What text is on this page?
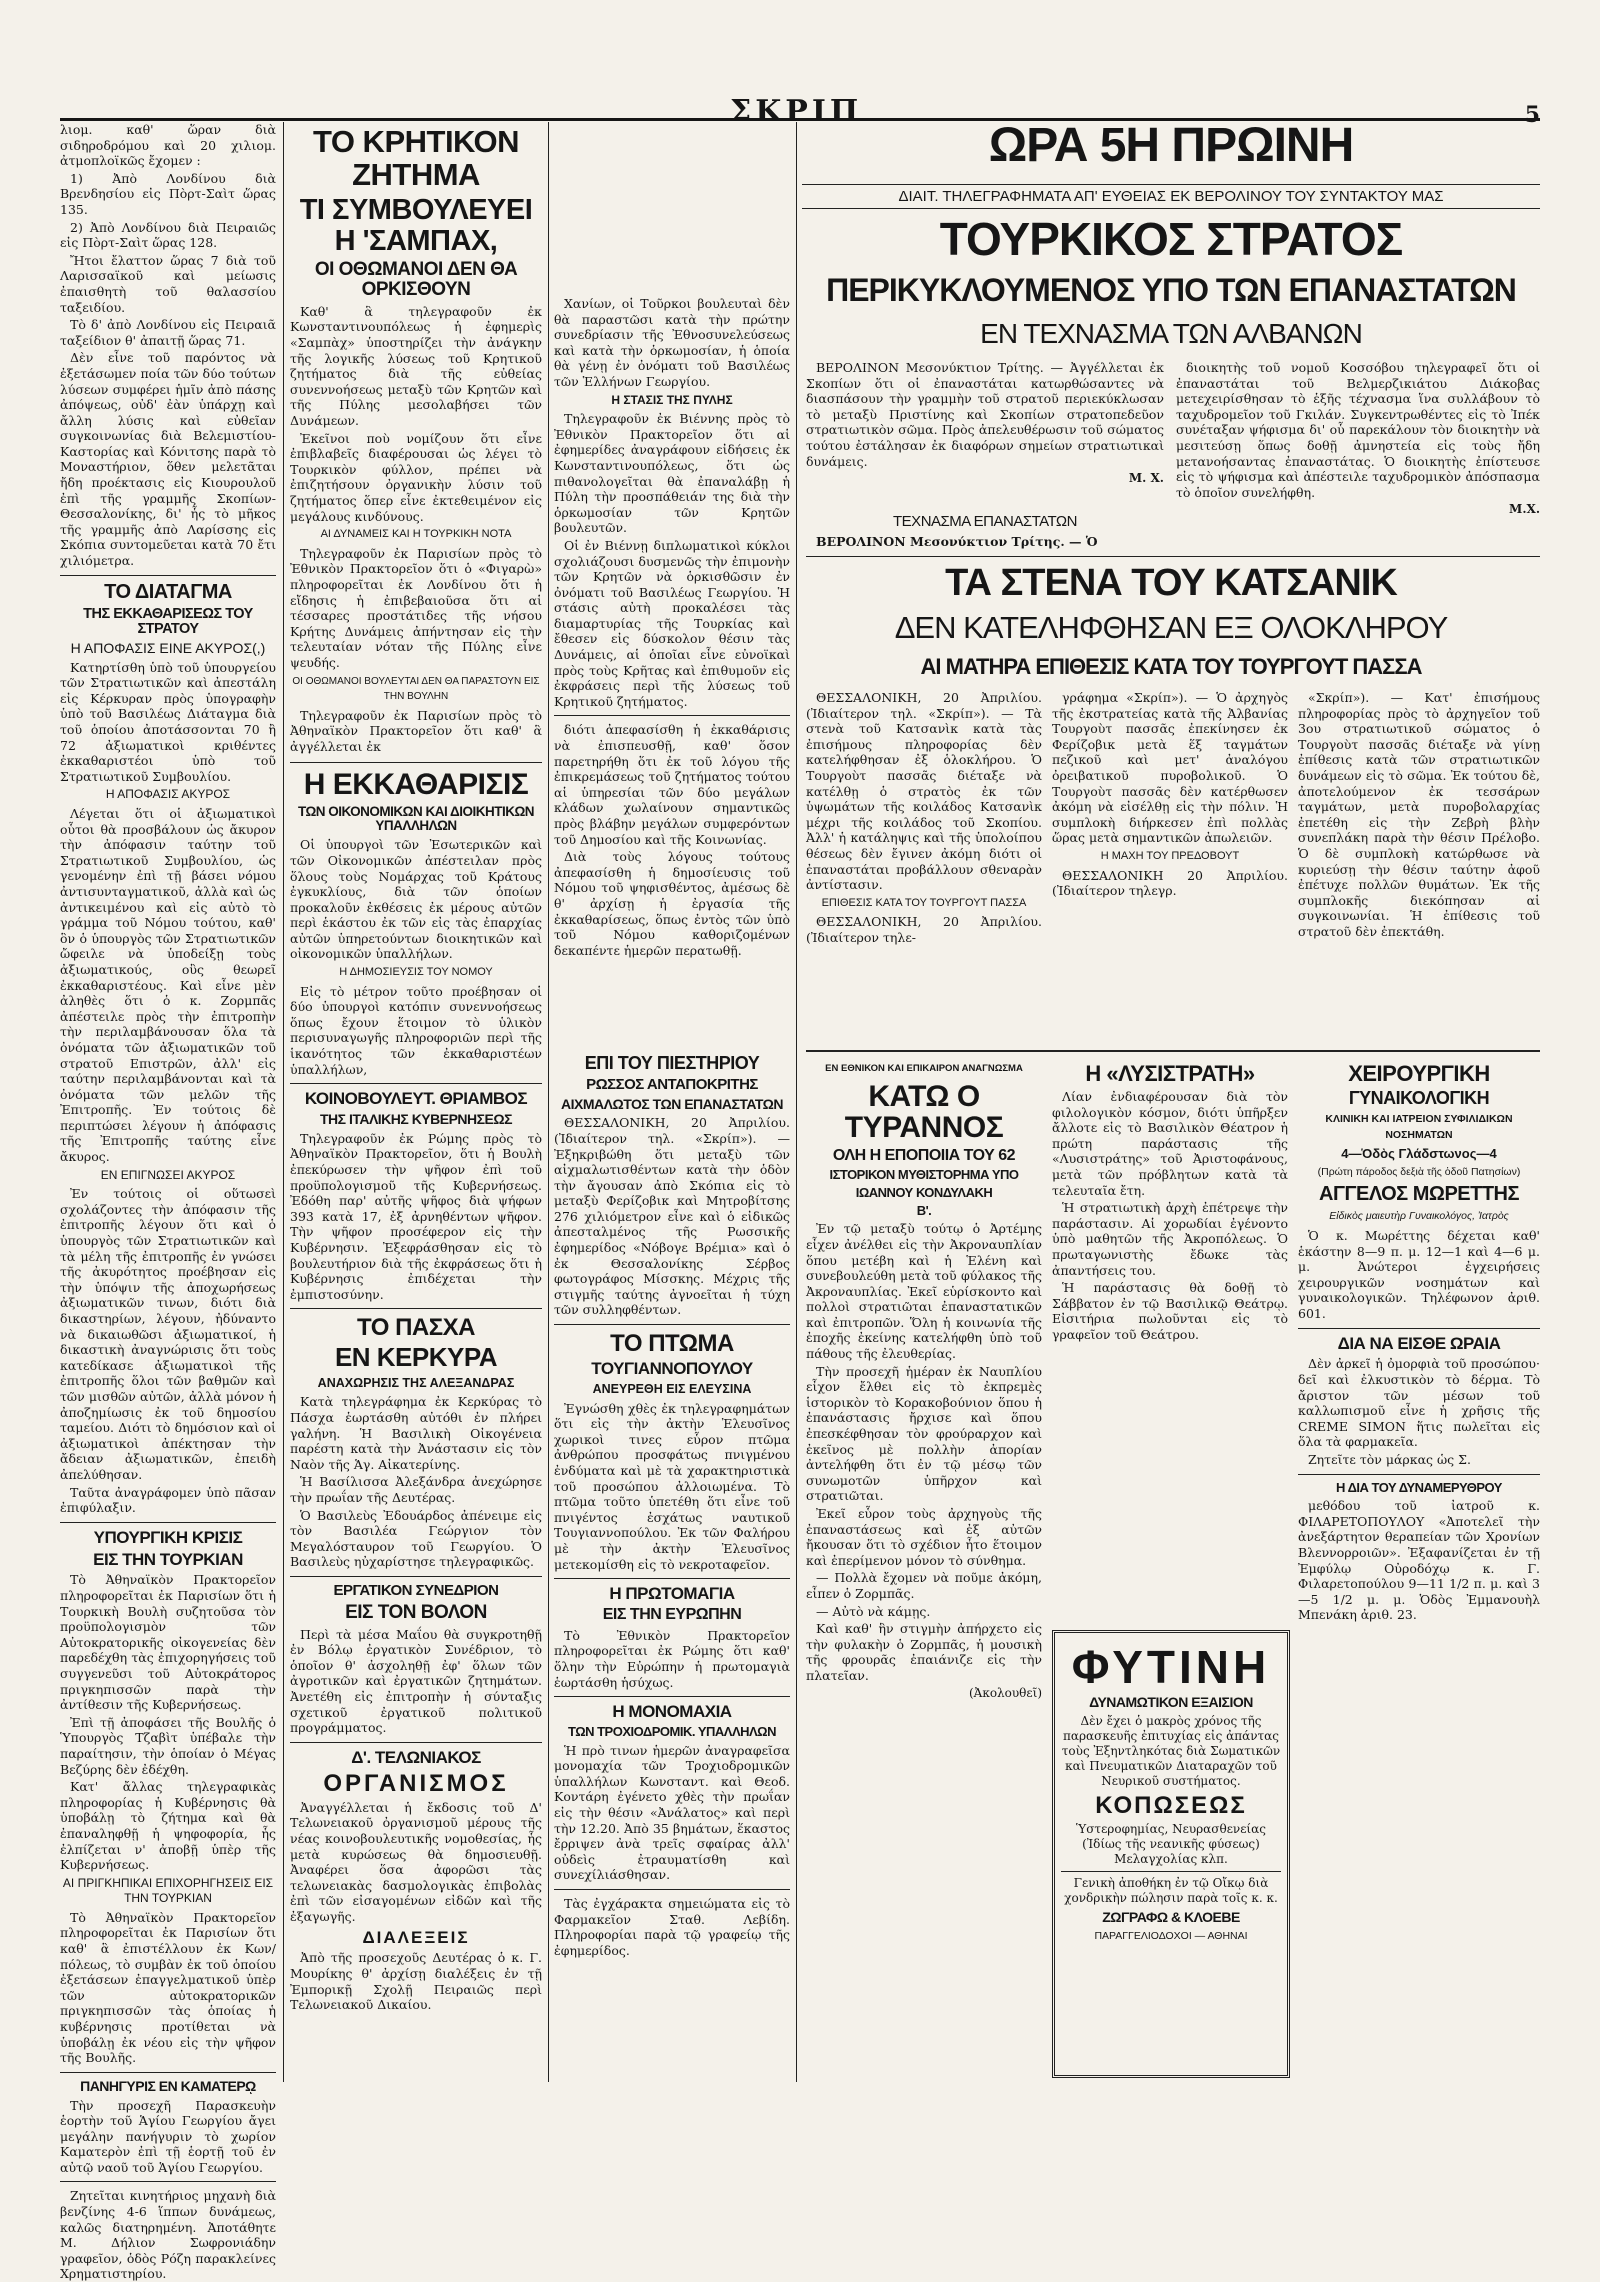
ΣΚΡΙΠ	5

λιομ. καθ' ὥραν διὰ σιδηροδρόμου καὶ 20 χιλιομ. ἀτμοπλοϊκῶς ἔχομεν :

1) Ἀπὸ Λονδίνου διὰ Βρενδησίου εἰς Πὸρτ-Σαὶτ ὥρας 135.

2) Ἀπὸ Λονδίνου διὰ Πειραιῶς εἰς Πὸρτ-Σαὶτ ὥρας 128.

Ἤτοι ἔλαττον ὥρας 7 διὰ τοῦ Λαρισσαϊκοῦ καὶ μείωσις ἐπαισθητὴ τοῦ θαλασσίου ταξειδίου.

Τὸ δ' ἀπὸ Λονδίνου εἰς Πειραιᾶ ταξείδιον θ' ἀπαιτῇ ὥρας 71.

Δὲν εἶνε τοῦ παρόντος νὰ ἐξετάσωμεν ποία τῶν δύο τούτων λύσεων συμφέρει ἡμῖν ἀπὸ πάσης ἀπόψεως, οὐδ' ἐὰν ὑπάρχῃ καὶ ἄλλη λύσις καὶ εὐθεῖαν συγκοινωνίας διὰ Βελεμιστίου-Καστορίας καὶ Κόνιτσης παρὰ τὸ Μοναστήριον, ὅθεν μελετᾶται ἤδη προέκτασις εἰς Κιουρουλοῦ ἐπὶ τῆς γραμμῆς Σκοπίων-Θεσσαλονίκης, δι' ἧς τὸ μῆκος τῆς γραμμῆς ἀπὸ Λαρίσσης εἰς Σκόπια συντομεῦεται κατὰ 70 ἔτι χιλιόμετρα.

ΤΟ ΔΙΑΤΑΓΜΑ
ΤΗΣ ΕΚΚΑΘΑΡΙΣΕΩΣ ΤΟΥ ΣΤΡΑΤΟΥ
Η ΑΠΟΦΑΣΙΣ ΕΙΝΕ ΑΚΥΡΟΣ(,)

Κατηρτίσθη ὑπὸ τοῦ ὑπουργείου τῶν Στρατιωτικῶν καὶ ἀπεστάλη εἰς Κέρκυραν πρὸς ὑπογραφὴν ὑπὸ τοῦ Βασιλέως Διάταγμα διὰ τοῦ ὁποίου ἀποτάσσονται 70 ἢ 72 ἀξιωματικοὶ κριθέντες ἐκκαθαριστέοι ὑπὸ τοῦ Στρατιωτικοῦ Συμβουλίου.

Η ΑΠΟΦΑΣΙΣ ΑΚΥΡΟΣ

Λέγεται ὅτι οἱ ἀξιωματικοὶ οὗτοι θὰ προσβάλουν ὡς ἄκυρον τὴν ἀπόφασιν ταύτην τοῦ Στρατιωτικοῦ Συμβουλίου, ὡς γενομένην ἐπὶ τῇ βάσει νόμου ἀντισυνταγματικοῦ, ἀλλὰ καὶ ὡς ἀντικειμένου καὶ εἰς αὐτὸ τὸ γράμμα τοῦ Νόμου τούτου, καθ' ὃν ὁ ὑπουργὸς τῶν Στρατιωτικῶν ὤφειλε νὰ ὑποδείξῃ τοὺς ἀξιωματικούς, οὓς θεωρεῖ ἐκκαθαριστέους. Καὶ εἶνε μὲν ἀληθὲς ὅτι ὁ κ. Ζορμπᾶς ἀπέστειλε πρὸς τὴν ἐπιτροπὴν τὴν περιλαμβάνουσαν ὅλα τὰ ὀνόματα τῶν ἀξιωματικῶν τοῦ στρατοῦ Επιστρῶν, ἀλλ' εἰς ταύτην περιλαμβάνονται καὶ τὰ ὀνόματα τῶν μελῶν τῆς Ἐπιτροπῆς. Ἐν τούτοις δὲ περιπτώσει λέγουν ἡ ἀπόφασις τῆς Ἐπιτροπῆς ταύτης εἶνε ἄκυρος.

ΕΝ ΕΠΙΓΝΩΣΕΙ ΑΚΥΡΟΣ

Ἐν τούτοις οἱ οὕτωσεὶ σχολάζοντες τὴν ἀπόφασιν τῆς ἐπιτροπῆς λέγουν ὅτι καὶ ὁ ὑπουργὸς τῶν Στρατιωτικῶν καὶ τὰ μέλη τῆς ἐπιτροπῆς ἐν γνώσει τῆς ἀκυρότητος προέβησαν εἰς τὴν ὑπόψιν τῆς ἀποχωρήσεως ἀξιωματικῶν τινων, διότι διὰ δικαστηρίων, λέγουν, ἠδύναντο νὰ δικαιωθῶσι ἀξιωματικοί, ἡ δικαστικὴ ἀναγνώρισις ὅτι τοὺς κατεδίκασε ἀξιωματικοὶ τῆς ἐπιτροπῆς ὅλοι τῶν βαθμῶν καὶ τῶν μισθῶν αὐτῶν, ἀλλὰ μόνον ἡ ἀποζημίωσις ἐκ τοῦ δημοσίου ταμείου. Διότι τὸ δημόσιον καὶ οἱ ἀξιωματικοὶ ἀπέκτησαν τὴν ἄδειαν ἀξιωματικῶν, ἐπειδὴ ἀπελύθησαν.

Ταῦτα ἀναγράφομεν ὑπὸ πᾶσαν ἐπιφύλαξιν.

ΥΠΟΥΡΓΙΚΗ ΚΡΙΣΙΣ
ΕΙΣ ΤΗΝ ΤΟΥΡΚΙΑΝ

Τὸ Ἀθηναϊκὸν Πρακτορεῖον πληροφορεῖται ἐκ Παρισίων ὅτι ἡ Τουρκικὴ Βουλὴ συζητοῦσα τὸν προϋπολογισμὸν τῶν Αὐτοκρατορικῆς οἰκογενείας δὲν παρεδέχθη τὰς ἐπιχορηγήσεις τοῦ συγγενεῦσι τοῦ Αὐτοκράτορος πριγκηπισσῶν παρὰ τὴν ἀντίθεσιν τῆς Κυβερνήσεως.

Ἐπὶ τῇ ἀποφάσει τῆς Βουλῆς ὁ Ὑπουργὸς Τζαβὶτ ὑπέβαλε τὴν παραίτησιν, τὴν ὁποίαν ὁ Μέγας Βεζύρης δὲν ἐδέχθη.

Κατ' ἄλλας τηλεγραφικὰς πληροφορίας ἡ Κυβέρνησις θὰ ὑποβάλῃ τὸ ζήτημα καὶ θὰ ἐπαναληφθῇ ἡ ψηφοφορία, ἧς ἐλπίζεται ν' ἀποβῇ ὑπὲρ τῆς Κυβερνήσεως.

ΑΙ ΠΡΙΓΚΗΠΙΚΑΙ ΕΠΙΧΟΡΗΓΗΣΕΙΣ ΕΙΣ ΤΗΝ ΤΟΥΡΚΙΑΝ

Τὸ Ἀθηναϊκὸν Πρακτορεῖον πληροφορεῖται ἐκ Παρισίων ὅτι καθ' ἃ ἐπιστέλλουν ἐκ Κων/πόλεως, τὸ συμβὰν ἐκ τοῦ ὁποίου ἐξετάσεων ἐπαγγελματικοῦ ὑπὲρ τῶν αὐτοκρατορικῶν πριγκηπισσῶν τὰς ὁποίας ἡ κυβέρνησις προτίθεται νὰ ὑποβάλῃ ἐκ νέου εἰς τὴν ψῆφον τῆς Βουλῆς.

ΠΑΝΗΓΥΡΙΣ ΕΝ ΚΑΜΑΤΕΡῼ

Τὴν προσεχῆ Παρασκευὴν ἑορτὴν τοῦ Ἁγίου Γεωργίου ἄγει μεγάλην πανήγυριν τὸ χωρίον Καματερὸν ἐπὶ τῇ ἑορτῇ τοῦ ἐν αὐτῷ ναοῦ τοῦ Ἁγίου Γεωργίου.

Ζητεῖται κινητήριος μηχανὴ διὰ βενζίνης 4-6 ἵππων δυνάμεως, καλῶς διατηρημένη. Ἀποτάθητε Μ. Δήλιον Σωφρονιάδην γραφεῖον, ὁδὸς Ρόζη παρακλείνες Χρηματιστηρίου.

ΤΟ ΚΡΗΤΙΚΟΝ ΖΗΤΗΜΑ
ΤΙ ΣΥΜΒΟΥΛΕΥΕΙ Η 'ΣΑΜΠΑΧ,
ΟΙ ΟΘΩΜΑΝΟΙ ΔΕΝ ΘΑ ΟΡΚΙΣΘΟΥΝ

Καθ' ἃ τηλεγραφοῦν ἐκ Κωνσταντινουπόλεως ἡ ἐφημερὶς «Σαμπὰχ» ὑποστηρίζει τὴν ἀνάγκην τῆς λογικῆς λύσεως τοῦ Κρητικοῦ ζητήματος διὰ τῆς εὐθείας συνεννοήσεως μεταξὺ τῶν Κρητῶν καὶ τῆς Πύλης μεσολαβήσει τῶν Δυνάμεων.

Ἐκεῖνοι ποὺ νομίζουν ὅτι εἶνε ἐπιβλαβεῖς διαφέρουσαι ὡς λέγει τὸ Τουρκικὸν φύλλον, πρέπει νὰ ἐπιζητήσουν ὀργανικὴν λύσιν τοῦ ζητήματος ὅπερ εἶνε ἐκτεθειμένον εἰς μεγάλους κινδύνους.

ΑΙ ΔΥΝΑΜΕΙΣ ΚΑΙ Η ΤΟΥΡΚΙΚΗ ΝΟΤΑ

Τηλεγραφοῦν ἐκ Παρισίων πρὸς τὸ Ἐθνικὸν Πρακτορεῖον ὅτι ὁ «Φιγαρὼ» πληροφορεῖται ἐκ Λονδίνου ὅτι ἡ εἴδησις ἡ ἐπιβεβαιοῦσα ὅτι αἱ τέσσαρες προστάτιδες τῆς νήσου Κρήτης Δυνάμεις ἀπήντησαν εἰς τὴν τελευταίαν νόταν τῆς Πύλης εἶνε ψευδής.

ΟΙ ΟΘΩΜΑΝΟΙ ΒΟΥΛΕΥΤΑΙ ΔΕΝ ΘΑ ΠΑΡΑΣΤΟΥΝ ΕΙΣ ΤΗΝ ΒΟΥΛΗΝ

Τηλεγραφοῦν ἐκ Παρισίων πρὸς τὸ Ἀθηναϊκὸν Πρακτορεῖον ὅτι καθ' ἃ ἀγγέλλεται ἐκ

Η ΕΚΚΑΘΑΡΙΣΙΣ
ΤΩΝ ΟΙΚΟΝΟΜΙΚΩΝ ΚΑΙ ΔΙΟΙΚΗΤΙΚΩΝ ΥΠΑΛΛΗΛΩΝ

Οἱ ὑπουργοὶ τῶν Ἐσωτερικῶν καὶ τῶν Οἰκονομικῶν ἀπέστειλαν πρὸς ὅλους τοὺς Νομάρχας τοῦ Κράτους ἐγκυκλίους, διὰ τῶν ὁποίων προκαλοῦν ἐκθέσεις ἐκ μέρους αὐτῶν περὶ ἑκάστου ἐκ τῶν εἰς τὰς ἐπαρχίας αὐτῶν ὑπηρετούντων διοικητικῶν καὶ οἰκονομικῶν ὑπαλλήλων.

Η ΔΗΜΟΣΙΕΥΣΙΣ ΤΟΥ ΝΟΜΟΥ

Εἰς τὸ μέτρον τοῦτο προέβησαν οἱ δύο ὑπουργοὶ κατόπιν συνεννοήσεως ὅπως ἔχουν ἕτοιμον τὸ ὑλικὸν περισυναγωγῆς πληροφοριῶν περὶ τῆς ἱκανότητος τῶν ἐκκαθαριστέων ὑπαλλήλων,

ΚΟΙΝΟΒΟΥΛΕΥΤ. ΘΡΙΑΜΒΟΣ
ΤΗΣ ΙΤΑΛΙΚΗΣ ΚΥΒΕΡΝΗΣΕΩΣ

Τηλεγραφοῦν ἐκ Ρώμης πρὸς τὸ Ἀθηναϊκὸν Πρακτορεῖον, ὅτι ἡ Βουλὴ ἐπεκύρωσεν τὴν ψῆφον ἐπὶ τοῦ προϋπολογισμοῦ τῆς Κυβερνήσεως. Ἐδόθη παρ' αὐτῆς ψῆφος διὰ ψήφων 393 κατὰ 17, ἐξ ἀρνηθέντων ψῆφον. Τὴν ψῆφον προσέφερον εἰς τὴν Κυβέρνησιν. Ἐξεφράσθησαν εἰς τὸ βουλευτήριον διὰ τῆς ἐκφράσεως ὅτι ἡ Κυβέρνησις ἐπιδέχεται τὴν ἐμπιστοσύνην.

ΤΟ ΠΑΣΧΑ
ΕΝ ΚΕΡΚΥΡΑ
ΑΝΑΧΩΡΗΣΙΣ ΤΗΣ ΑΛΕΞΑΝΔΡΑΣ

Κατὰ τηλεγράφημα ἐκ Κερκύρας τὸ Πάσχα ἑωρτάσθη αὐτόθι ἐν πλήρει γαλήνη. Ἡ Βασιλικὴ Οἰκογένεια παρέστη κατὰ τὴν Ἀνάστασιν εἰς τὸν Ναὸν τῆς Ἁγ. Αἰκατερίνης.

Ἡ Βασίλισσα Ἀλεξάνδρα ἀνεχώρησε τὴν πρωΐαν τῆς Δευτέρας.

Ὁ Βασιλεὺς Ἐδουάρδος ἀπένειμε εἰς τὸν Βασιλέα Γεώργιον τὸν Μεγαλόσταυρον τοῦ Γεωργίου. Ὁ Βασιλεὺς ηὐχαρίστησε τηλεγραφικῶς.

ΕΡΓΑΤΙΚΟΝ ΣΥΝΕΔΡΙΟΝ
ΕΙΣ ΤΟΝ ΒΟΛΟΝ

Περὶ τὰ μέσα Μαΐου θὰ συγκροτηθῇ ἐν Βόλῳ ἐργατικὸν Συνέδριον, τὸ ὁποῖον θ' ἀσχοληθῇ ἐφ' ὅλων τῶν ἀγροτικῶν καὶ ἐργατικῶν ζητημάτων. Ἀνετέθη εἰς ἐπιτροπὴν ἡ σύνταξις σχετικοῦ ἐργατικοῦ πολιτικοῦ προγράμματος.

Δ'. ΤΕΛΩΝΙΑΚΟΣ
ΟΡΓΑΝΙΣΜΟΣ

Ἀναγγέλλεται ἡ ἔκδοσις τοῦ Δ' Τελωνειακοῦ ὀργανισμοῦ μέρους τῆς νέας κοινοβουλευτικῆς νομοθεσίας, ἧς μετὰ κυρώσεως θὰ δημοσιευθῇ. Ἀναφέρει ὅσα ἀφορῶσι τὰς τελωνειακὰς δασμολογικὰς ἐπιβολὰς ἐπὶ τῶν εἰσαγομένων εἰδῶν καὶ τῆς ἐξαγωγῆς.

ΔΙΑΛΕΞΕΙΣ

Ἀπὸ τῆς προσεχοῦς Δευτέρας ὁ κ. Γ. Μουρίκης θ' ἀρχίσῃ διαλέξεις ἐν τῇ Ἐμπορικῇ Σχολῇ Πειραιῶς περὶ Τελωνειακοῦ Δικαίου.

Χανίων, οἱ Τοῦρκοι βουλευταὶ δὲν θὰ παραστῶσι κατὰ τὴν πρώτην συνεδρίασιν τῆς Ἐθνοσυνελεύσεως καὶ κατὰ τὴν ὁρκωμοσίαν, ἡ ὁποία θὰ γένῃ ἐν ὀνόματι τοῦ Βασιλέως τῶν Ἑλλήνων Γεωργίου.

Η ΣΤΑΣΙΣ ΤΗΣ ΠΥΛΗΣ

Τηλεγραφοῦν ἐκ Βιέννης πρὸς τὸ Ἐθνικὸν Πρακτορεῖον ὅτι αἱ ἐφημερίδες ἀναγράφουν εἰδήσεις ἐκ Κωνσταντινουπόλεως, ὅτι ὡς πιθανολογεῖται θὰ ἐπαναλάβῃ ἡ Πύλη τὴν προσπάθειάν της διὰ τὴν ὁρκωμοσίαν τῶν Κρητῶν βουλευτῶν.

Οἱ ἐν Βιέννῃ διπλωματικοὶ κύκλοι σχολιάζουσι δυσμενῶς τὴν ἐπιμονὴν τῶν Κρητῶν νὰ ὁρκισθῶσιν ἐν ὀνόματι τοῦ Βασιλέως Γεωργίου. Ἡ στάσις αὐτὴ προκαλέσει τὰς διαμαρτυρίας τῆς Τουρκίας καὶ ἔθεσεν εἰς δύσκολον θέσιν τὰς Δυνάμεις, αἱ ὁποῖαι εἶνε εὐνοϊκαὶ πρὸς τοὺς Κρῆτας καὶ ἐπιθυμοῦν εἰς ἐκφράσεις περὶ τῆς λύσεως τοῦ Κρητικοῦ ζητήματος.

διότι ἀπεφασίσθη ἡ ἐκκαθάρισις νὰ ἐπισπευσθῇ, καθ' ὅσον παρετηρήθη ὅτι ἐκ τοῦ λόγου τῆς ἐπικρεμάσεως τοῦ ζητήματος τούτου αἱ ὑπηρεσίαι τῶν δύο μεγάλων κλάδων χωλαίνουν σημαντικῶς πρὸς βλάβην μεγάλων συμφερόντων τοῦ Δημοσίου καὶ τῆς Κοινωνίας.

Διὰ τοὺς λόγους τούτους ἀπεφασίσθη ἡ δημοσίευσις τοῦ Νόμου τοῦ ψηφισθέντος, ἀμέσως δὲ θ' ἀρχίσῃ ἡ ἐργασία τῆς ἐκκαθαρίσεως, ὅπως ἐντὸς τῶν ὑπὸ τοῦ Νόμου καθοριζομένων δεκαπέντε ἡμερῶν περατωθῇ.

ΕΠΙ ΤΟΥ ΠΙΕΣΤΗΡΙΟΥ
ΡΩΣΣΟΣ ΑΝΤΑΠΟΚΡΙΤΗΣ
ΑΙΧΜΑΛΩΤΟΣ ΤΩΝ ΕΠΑΝΑΣΤΑΤΩΝ

ΘΕΣΣΑΛΟΝΙΚΗ, 20 Ἀπριλίου. (Ἰδιαίτερον τηλ. «Σκρίπ»). — Ἐξηκριβώθη ὅτι μεταξὺ τῶν αἰχμαλωτισθέντων κατὰ τὴν ὁδὸν τὴν ἄγουσαν ἀπὸ Σκόπια εἰς τὸ μεταξὺ Φερίζοβικ καὶ Μητροβίτσης 276 χιλιόμετρον εἶνε καὶ ὁ εἰδικῶς ἀπεσταλμένος τῆς Ρωσσικῆς ἐφημερίδος «Νόβογε Βρέμια» καὶ ὁ ἐκ Θεσσαλονίκης Σέρβος φωτογράφος Μίσσκης. Μέχρις τῆς στιγμῆς ταύτης ἀγνοεῖται ἡ τύχη τῶν συλληφθέντων.

ΤΟ ΠΤΩΜΑ
ΤΟΥΓΙΑΝΝΟΠΟΥΛΟΥ
ΑΝΕΥΡΕΘΗ ΕΙΣ ΕΛΕΥΣΙΝΑ

Ἐγνώσθη χθὲς ἐκ τηλεγραφημάτων ὅτι εἰς τὴν ἀκτὴν Ἐλευσῖνος χωρικοὶ τινες εὗρον πτῶμα ἀνθρώπου προσφάτως πνιγμένου ἐνδύματα καὶ μὲ τὰ χαρακτηριστικὰ τοῦ προσώπου ἀλλοιωμένα. Τὸ πτῶμα τοῦτο ὑπετέθη ὅτι εἶνε τοῦ πνιγέντος ἐσχάτως ναυτικοῦ Τουγιαννοπούλου. Ἐκ τῶν Φαλήρου μὲ τὴν ἀκτὴν Ἐλευσῖνος μετεκομίσθη εἰς τὸ νεκροταφεῖον.

Η ΠΡΩΤΟΜΑΓΙΑ
ΕΙΣ ΤΗΝ ΕΥΡΩΠΗΝ

Τὸ Ἐθνικὸν Πρακτορεῖον πληροφορεῖται ἐκ Ρώμης ὅτι καθ' ὅλην τὴν Εὐρώπην ἡ πρωτομαγιὰ ἑωρτάσθη ἡσύχως.

Η ΜΟΝΟΜΑΧΙΑ
ΤΩΝ ΤΡΟΧΙΟΔΡΟΜΙΚ. ΥΠΑΛΛΗΛΩΝ

Ἡ πρὸ τινων ἡμερῶν ἀναγραφεῖσα μονομαχία τῶν Τροχιοδρομικῶν ὑπαλλήλων Κωνσταντ. καὶ Θεοδ. Κοντάρη ἐγένετο χθὲς τὴν πρωΐαν εἰς τὴν θέσιν «Ἀνάλατος» καὶ περὶ τὴν 12.20. Ἀπὸ 35 βημάτων, ἕκαστος ἔρριψεν ἀνὰ τρεῖς σφαίρας ἀλλ' οὐδεὶς ἐτραυματίσθη καὶ συνεχίλιάσθησαν.

Τὰς ἐγχάρακτα σημειώματα εἰς τὸ Φαρμακεῖον Σταθ. Λεβίδη. Πληροφορίαι παρὰ τῷ γραφείῳ τῆς ἐφημερίδος.

ΩΡΑ 5Η ΠΡΩΙΝΗ
ΔΙΑΙΤ. ΤΗΛΕΓΡΑΦΗΜΑΤΑ ΑΠ' ΕΥΘΕΙΑΣ ΕΚ ΒΕΡΟΛΙΝΟΥ ΤΟΥ ΣΥΝΤΑΚΤΟΥ ΜΑΣ
ΤΟΥΡΚΙΚΟΣ ΣΤΡΑΤΟΣ
ΠΕΡΙΚΥΚΛΟΥΜΕΝΟΣ ΥΠΟ ΤΩΝ ΕΠΑΝΑΣΤΑΤΩΝ
ΕΝ ΤΕΧΝΑΣΜΑ ΤΩΝ ΑΛΒΑΝΩΝ

ΒΕΡΟΛΙΝΟΝ Μεσονύκτιον Τρίτης. — Ἀγγέλλεται ἐκ Σκοπίων ὅτι οἱ ἐπαναστάται κατωρθώσαντες νὰ διασπάσουν τὴν γραμμὴν τοῦ στρατοῦ περιεκύκλωσαν τὸ μεταξὺ Πριστίνης καὶ Σκοπίων στρατοπεδεῦον στρατιωτικὸν σῶμα. Πρὸς ἀπελευθέρωσιν τοῦ σώματος τούτου ἐστάλησαν ἐκ διαφόρων σημείων στρατιωτικαὶ δυνάμεις.

Μ. Χ.

διοικητὴς τοῦ νομοῦ Κοσσόβου τηλεγραφεῖ ὅτι οἱ ἐπαναστάται τοῦ Βελμερζικιάτου Διάκοβας μετεχειρίσθησαν τὸ ἑξῆς τέχνασμα ἵνα συλλάβουν τὸ ταχυδρομεῖον τοῦ Γκιλάν. Συγκεντρωθέντες εἰς τὸ Ἰπέκ συνέταξαν ψήφισμα δι' οὗ παρεκάλουν τὸν διοικητὴν νὰ μεσιτεύσῃ ὅπως δοθῇ ἀμνηστεία εἰς τοὺς ἤδη μετανοήσαντας ἐπαναστάτας. Ὁ διοικητὴς ἐπίστευσε εἰς τὸ ψήφισμα καὶ ἀπέστειλε ταχυδρομικὸν ἀπόσπασμα τὸ ὁποῖον συνελήφθη.

Μ.Χ.
ΤΕΧΝΑΣΜΑ ΕΠΑΝΑΣΤΑΤΩΝ

ΒΕΡΟΛΙΝΟΝ Μεσονύκτιον Τρίτης. — Ὁ

ΤΑ ΣΤΕΝΑ ΤΟΥ ΚΑΤΣΑΝΙΚ
ΔΕΝ ΚΑΤΕΛΗΦΘΗΣΑΝ ΕΞ ΟΛΟΚΛΗΡΟΥ
ΑΙ ΜΑΤΗΡΑ ΕΠΙΘΕΣΙΣ ΚΑΤΑ ΤΟΥ ΤΟΥΡΓΟΥΤ ΠΑΣΣΑ

ΘΕΣΣΑΛΟΝΙΚΗ, 20 Ἀπριλίου. (Ἰδιαίτερον τηλ. «Σκρίπ»). — Τὰ στενὰ τοῦ Κατσανὶκ κατὰ τὰς ἐπισήμους πληροφορίας δὲν κατελήφθησαν ἐξ ὁλοκλήρου. Ὁ Τουργοὺτ πασσᾶς διέταξε νὰ κατέλθῃ ὁ στρατὸς ἐκ τῶν ὑψωμάτων τῆς κοιλάδος Κατσανὶκ μέχρι τῆς κοιλάδος τοῦ Σκοπίου. Ἀλλ' ἡ κατάληψις καὶ τῆς ὑπολοίπου θέσεως δὲν ἔγινεν ἀκόμη διότι οἱ ἐπαναστάται προβάλλουν σθεναρὰν ἀντίστασιν.

ΕΠΙΘΕΣΙΣ ΚΑΤΑ ΤΟΥ ΤΟΥΡΓΟΥΤ ΠΑΣΣΑ

ΘΕΣΣΑΛΟΝΙΚΗ, 20 Ἀπριλίου. (Ἰδιαίτερον τηλε-

γράφημα «Σκρίπ»). — Ὁ ἀρχηγὸς τῆς ἐκστρατείας κατὰ τῆς Ἀλβανίας Τουργοὺτ πασσᾶς ἐπεκίνησεν ἐκ Φερίζοβικ μετὰ ἕξ ταγμάτων πεζικοῦ καὶ μετ' ἀναλόγου ὀρειβατικοῦ πυροβολικοῦ. Ὁ Τουργοὺτ πασσᾶς δὲν κατέρθωσεν ἀκόμη νὰ εἰσέλθῃ εἰς τὴν πόλιν. Ἡ συμπλοκὴ διήρκεσεν ἐπὶ πολλὰς ὥρας μετὰ σημαντικῶν ἀπωλειῶν.

Η ΜΑΧΗ ΤΟΥ ΠΡΕΔΟΒΟΥΤ

ΘΕΣΣΑΛΟΝΙΚΗ 20 Ἀπριλίου. (Ἰδιαίτερον τηλεγρ.

«Σκρίπ»). — Κατ' ἐπισήμους πληροφορίας πρὸς τὸ ἀρχηγεῖον τοῦ 3ου στρατιωτικοῦ σώματος ὁ Τουργοὺτ πασσᾶς διέταξε νὰ γίνῃ ἐπίθεσις κατὰ τῶν στρατιωτικῶν δυνάμεων εἰς τὸ σῶμα. Ἐκ τούτου δὲ, ἀποτελούμενον ἐκ τεσσάρων ταγμάτων, μετὰ πυροβολαρχίας ἐπετέθη εἰς τὴν Ζεβρὴ βλὴν συνεπλάκη παρὰ τὴν θέσιν Πρέλοβο. Ὁ δὲ συμπλοκὴ κατώρθωσε νὰ κυριεύσῃ τὴν θέσιν ταύτην ἀφοῦ ἐπέτυχε πολλῶν θυμάτων. Ἐκ τῆς συμπλοκῆς διεκόπησαν αἱ συγκοινωνίαι. Ἡ ἐπίθεσις τοῦ στρατοῦ δὲν ἐπεκτάθη.

ΕΝ ΕΘΝΙΚΟΝ ΚΑΙ ΕΠΙΚΑΙΡΟΝ ΑΝΑΓΝΩΣΜΑ
ΚΑΤΩ Ο ΤΥΡΑΝΝΟΣ
ΟΛΗ Η ΕΠΟΠΟΙΙΑ ΤΟΥ 62
ΙΣΤΟΡΙΚΟΝ ΜΥΘΙΣΤΟΡΗΜΑ ΥΠΟ
ΙΩΑΝΝΟΥ ΚΟΝΔΥΛΑΚΗ
Β'.

Ἐν τῷ μεταξὺ τούτῳ ὁ Ἀρτέμης εἶχεν ἀνέλθει εἰς τὴν Ἀκροναυπλίαν ὅπου μετέβη καὶ ἡ Ἑλένη καὶ συνεβουλεύθη μετὰ τοῦ φύλακος τῆς Ἀκροναυπλίας. Ἐκεῖ εὑρίσκοντο καὶ πολλοὶ στρατιῶται ἐπαναστατικῶν καὶ ἐπιτροπῶν. Ὅλη ἡ κοινωνία τῆς ἐποχῆς ἐκείνης κατελήφθη ὑπὸ τοῦ πάθους τῆς ἐλευθερίας.

Τὴν προσεχῆ ἡμέραν ἐκ Ναυπλίου εἶχον ἔλθει εἰς τὸ ἐκπρεμὲς ἱστορικὸν τὸ Κορακοβούνιον ὅπου ἡ ἐπανάστασις ἤρχισε καὶ ὅπου ἐπεσκέφθησαν τὸν φρούραρχον καὶ ἐκεῖνος μὲ πολλὴν ἀπορίαν ἀντελήφθη ὅτι ἐν τῷ μέσῳ τῶν συνωμοτῶν ὑπῆρχον καὶ στρατιῶται.

Ἐκεῖ εὗρον τοὺς ἀρχηγοὺς τῆς ἐπαναστάσεως καὶ ἐξ αὐτῶν ἤκουσαν ὅτι τὸ σχέδιον ἦτο ἕτοιμον καὶ ἐπερίμενον μόνον τὸ σύνθημα.

— Πολλὰ ἔχομεν νὰ ποῦμε ἀκόμη, εἶπεν ὁ Ζορμπᾶς.

— Αὐτὸ νὰ κάμῃς.

Καὶ καθ' ἣν στιγμὴν ἀπήρχετο εἰς τὴν φυλακὴν ὁ Ζορμπᾶς, ἡ μουσικὴ τῆς φρουρᾶς ἐπαιάνιζε εἰς τὴν πλατεῖαν.

(Ἀκολουθεῖ)
Η «ΛΥΣΙΣΤΡΑΤΗ»

Λίαν ἐνδιαφέρουσαν διὰ τὸν φιλολογικὸν κόσμον, διότι ὑπῆρξεν ἄλλοτε εἰς τὸ Βασιλικὸν Θέατρον ἡ πρώτη παράστασις τῆς «Λυσιστράτης» τοῦ Ἀριστοφάνους, μετὰ τῶν πρόβλητων κατὰ τὰ τελευταῖα ἔτη.

Ἡ στρατιωτικὴ ἀρχὴ ἐπέτρεψε τὴν παράστασιν. Αἱ χορωδίαι ἐγένοντο ὑπὸ μαθητῶν τῆς Ἀκροπόλεως. Ὁ πρωταγωνιστὴς ἔδωκε τὰς ἀπαντήσεις του.

Ἡ παράστασις θὰ δοθῇ τὸ Σάββατον ἐν τῷ Βασιλικῷ Θεάτρῳ. Εἰσιτήρια πωλοῦνται εἰς τὸ γραφεῖον τοῦ Θεάτρου.

ΧΕΙΡΟΥΡΓΙΚΗ
ΓΥΝΑΙΚΟΛΟΓΙΚΗ
ΚΛΙΝΙΚΗ ΚΑΙ ΙΑΤΡΕΙΟΝ ΣΥΦΙΛΙΔΙΚΩΝ ΝΟΣΗΜΑΤΩΝ
4—Ὁδὸς Γλάδστωνος—4
(Πρώτη πάροδος δεξιὰ τῆς ὁδοῦ Πατησίων)
ΑΓΓΕΛΟΣ ΜΩΡΕΤΤΗΣ
Εἰδικὸς μαιευτὴρ Γυναικολόγος, Ἰατρὸς

Ὁ κ. Μωρέττης δέχεται καθ' ἑκάστην 8—9 π. μ. 12—1 καὶ 4—6 μ. μ. Ἀνώτεροι ἐγχειρήσεις χειρουργικῶν νοσημάτων καὶ γυναικολογικῶν. Τηλέφωνον ἀριθ. 601.

ΔΙΑ ΝΑ ΕΙΣΘΕ ΩΡΑΙΑ

Δὲν ἀρκεῖ ἡ ὀμορφιὰ τοῦ προσώπου· δεῖ καὶ ἐλκυστικὸν τὸ δέρμα. Τὸ ἄριστον τῶν μέσων τοῦ καλλωπισμοῦ εἶνε ἡ χρῆσις τῆς CREME SIMON ἥτις πωλεῖται εἰς ὅλα τὰ φαρμακεῖα.

Ζητεῖτε τὸν μάρκας ὡς Σ.

Η ΔΙΑ ΤΟΥ ΔΥΝΑΜΕΡΥΘΡΟΥ

μεθόδου τοῦ ἰατροῦ κ. ΦΙΛΑΡΕΤΟΠΟΥΛΟΥ «Ἀποτελεῖ τὴν ἀνεξάρτητον θεραπείαν τῶν Χρονίων Βλεννορροιῶν». Ἐξαφανίζεται ἐν τῇ Ἐμφύλῳ Οὐροδόχῳ κ. Γ. Φιλαρετοπούλου 9—11 1/2 π. μ. καὶ 3—5 1/2 μ. μ. Ὁδὸς Ἐμμανουὴλ Μπενάκη ἀριθ. 23.

ΦΥΤΙΝΗ
ΔΥΝΑΜΩΤΙΚΟΝ ΕΞΑΙΣΙΟΝ

Δὲν ἔχει ὁ μακρὸς χρόνος τῆς παρασκευῆς ἐπιτυχίας εἰς ἀπάντας τοὺς Ἐξηντληκότας διὰ Σωματικῶν καὶ Πνευματικῶν Διαταραχῶν τοῦ Νευρικοῦ συστήματος.

ΚΟΠΩΣΕΩΣ

Ὑστεροφημίας, Νευρασθενείας (Ἰδίως τῆς νεανικῆς φύσεως) Μελαγχολίας κλπ.

Γενικὴ ἀποθήκη ἐν τῷ Οἴκῳ διὰ χονδρικὴν πώλησιν παρὰ τοῖς κ. κ.

ΖΩΓΡΑΦΩ & ΚΛΟΕΒΕ
ΠΑΡΑΓΓΕΛΙΟΔΟΧΟΙ — ΑΘΗΝΑΙ
